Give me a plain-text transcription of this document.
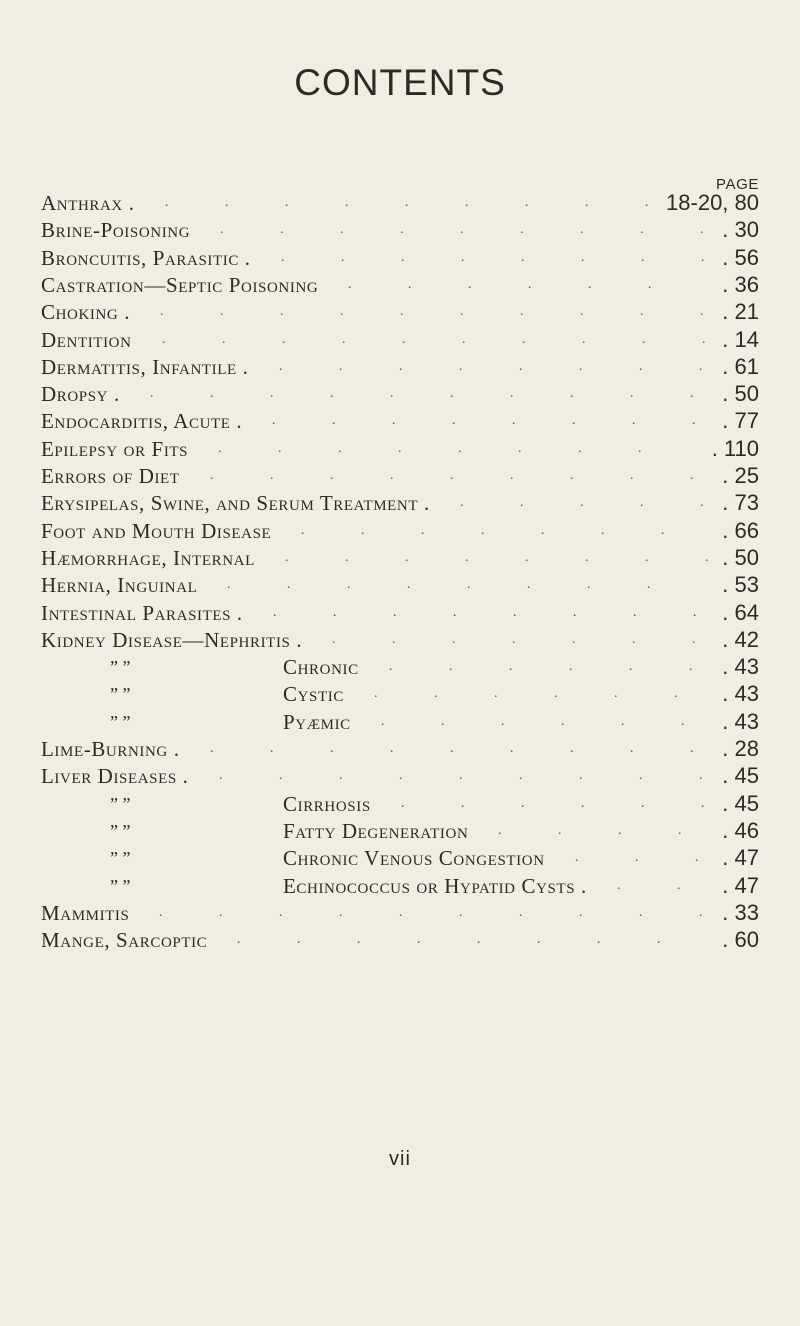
CONTENTS
PAGE
Anthrax .	18-20, 80
.	.	.	.	.	.	.	.	.
Brine-Poisoning	. 30
.	.	.	.	.	.	.	.	.
Broncuitis, Parasitic .	. 56
.	.	.	.	.	.	.	.
Castration—Septic Poisoning	. 36
.	.	.	.	.	.
Choking .	. 21
.	.	.	.	.	.	.	.	.	.
Dentition	. 14
.	.	.	.	.	.	.	.	.	.
Dermatitis, Infantile .	. 61
.	.	.	.	.	.	.	.
Dropsy .	. 50
.	.	.	.	.	.	.	.	.	.
Endocarditis, Acute .	. 77
.	.	.	.	.	.	.	.
Epilepsy or Fits	. 110
.	.	.	.	.	.	.	.
Errors of Diet	. 25
.	.	.	.	.	.	.	.	.
Erysipelas, Swine, and Serum Treatment .	. 73
.	.	.	.	.
Foot and Mouth Disease	. 66
.	.	.	.	.	.	.
Hæmorrhage, Internal	. 50
.	.	.	.	.	.	.	.
Hernia, Inguinal	. 53
.	.	.	.	.	.	.	.
Intestinal Parasites .	. 64
.	.	.	.	.	.	.	.
Kidney Disease—Nephritis .	. 42
.	.	.	.	.	.	.
” ”	Chronic	. 43
.	.	.	.	.	.
” ”	Cystic	. 43
.	.	.	.	.	.
” ”	Pyæmic	. 43
.	.	.	.	.	.
Lime-Burning .	. 28
.	.	.	.	.	.	.	.	.
Liver Diseases .	. 45
.	.	.	.	.	.	.	.	.
” ”	Cirrhosis	. 45
.	.	.	.	.	.
” ”	Fatty Degeneration	. 46
.	.	.	.
” ”	Chronic Venous Congestion	. 47
.	.	.
” ”	Echinococcus or Hypatid Cysts .	. 47
.	.
Mammitis	. 33
.	.	.	.	.	.	.	.	.	.
Mange, Sarcoptic	. 60
.	.	.	.	.	.	.	.
vii
